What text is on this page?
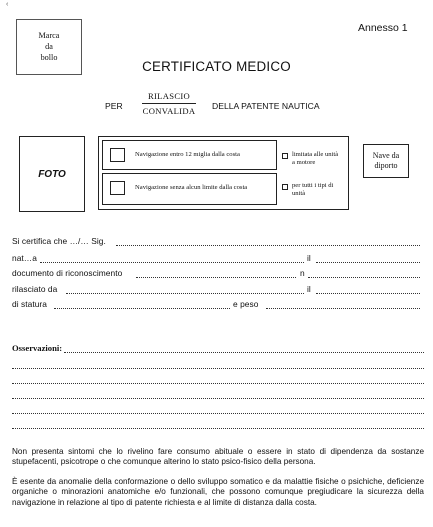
‹
Annesso 1
Marca
da
bollo
CERTIFICATO MEDICO
PER
RILASCIO
CONVALIDA	DELLA PATENTE NAUTICA
FOTO
Navigazione entro 12 miglia dalla costa
Navigazione senza alcun limite dalla costa
limitata alle unità
a motore
per tutti i tipi di
unità
Nave da
diporto
Si certifica che …/… Sig.
nat…a	il
documento di riconoscimento	n
rilasciato da	il
di statura	e peso
Osservazioni:
Non presenta sintomi che lo rivelino fare consumo abituale o essere in stato di dipendenza da sostanze stupefacenti, psicotrope o che comunque alterino lo stato psico-fisico della persona.
È esente da anomalie della conformazione o dello sviluppo somatico e da malattie fisiche o psichiche, deficienze organiche o minorazioni anatomiche e/o funzionali, che possono comunque pregiudicare la sicurezza della navigazione in relazione al tipo di patente richiesta e al limite di distanza dalla costa.
